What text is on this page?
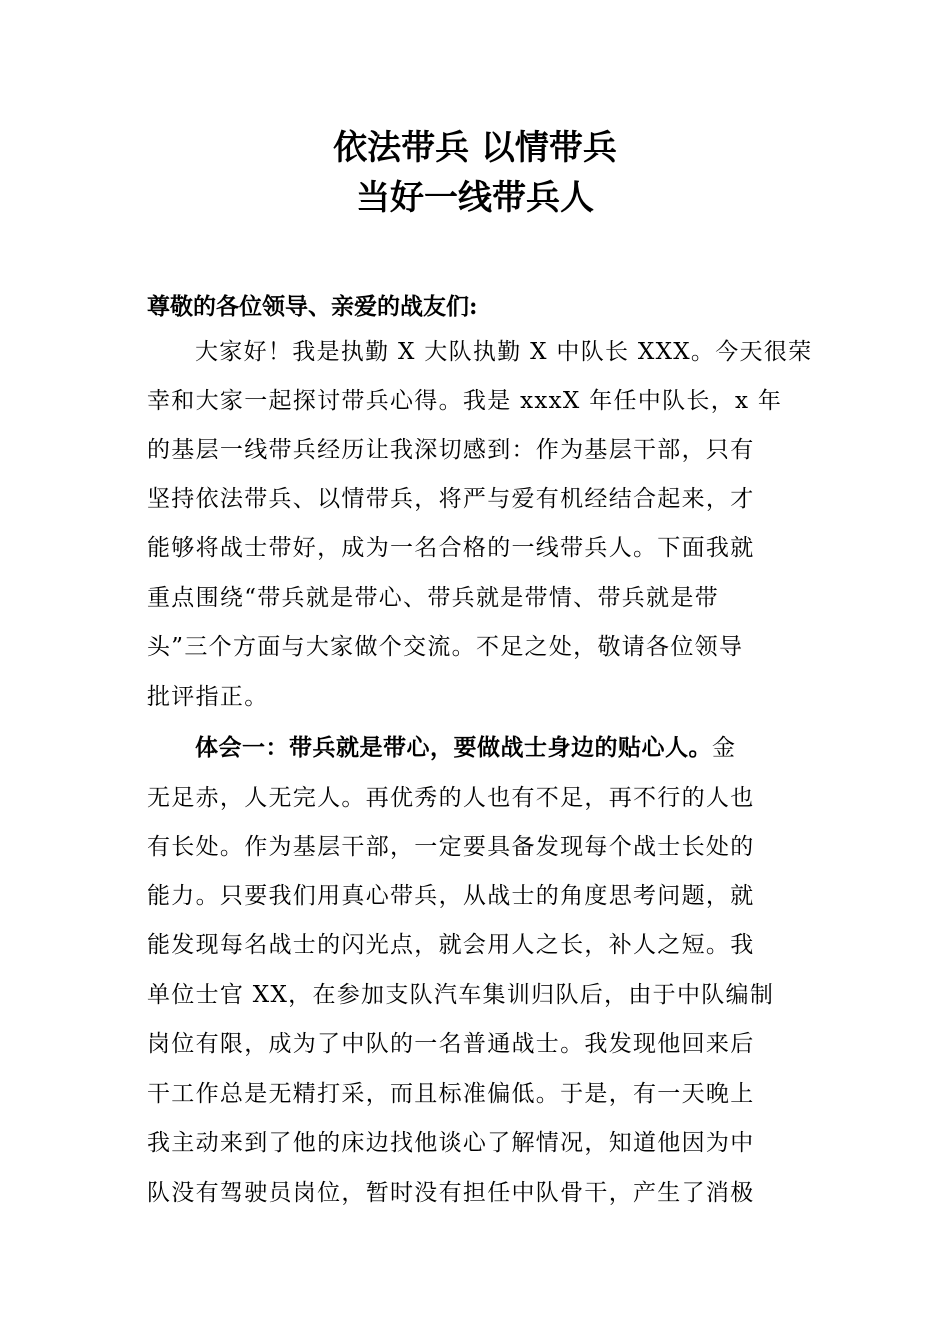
依法带兵 以情带兵
当好一线带兵人
尊敬的各位领导、亲爱的战友们:
大家好！我是执勤 X 大队执勤 X 中队长 XXX。今天很荣
幸和大家一起探讨带兵心得。我是 xxxX 年任中队长，x 年
的基层一线带兵经历让我深切感到：作为基层干部，只有
坚持依法带兵、以情带兵，将严与爱有机经结合起来，才
能够将战士带好，成为一名合格的一线带兵人。下面我就
重点围绕“带兵就是带心、带兵就是带情、带兵就是带
头”三个方面与大家做个交流。不足之处，敬请各位领导
批评指正。
体会一：带兵就是带心，要做战士身边的贴心人。金
无足赤，人无完人。再优秀的人也有不足，再不行的人也
有长处。作为基层干部，一定要具备发现每个战士长处的
能力。只要我们用真心带兵，从战士的角度思考问题，就
能发现每名战士的闪光点，就会用人之长，补人之短。我
单位士官 XX，在参加支队汽车集训归队后，由于中队编制
岗位有限，成为了中队的一名普通战士。我发现他回来后
干工作总是无精打采，而且标准偏低。于是，有一天晚上
我主动来到了他的床边找他谈心了解情况，知道他因为中
队没有驾驶员岗位，暂时没有担任中队骨干，产生了消极
